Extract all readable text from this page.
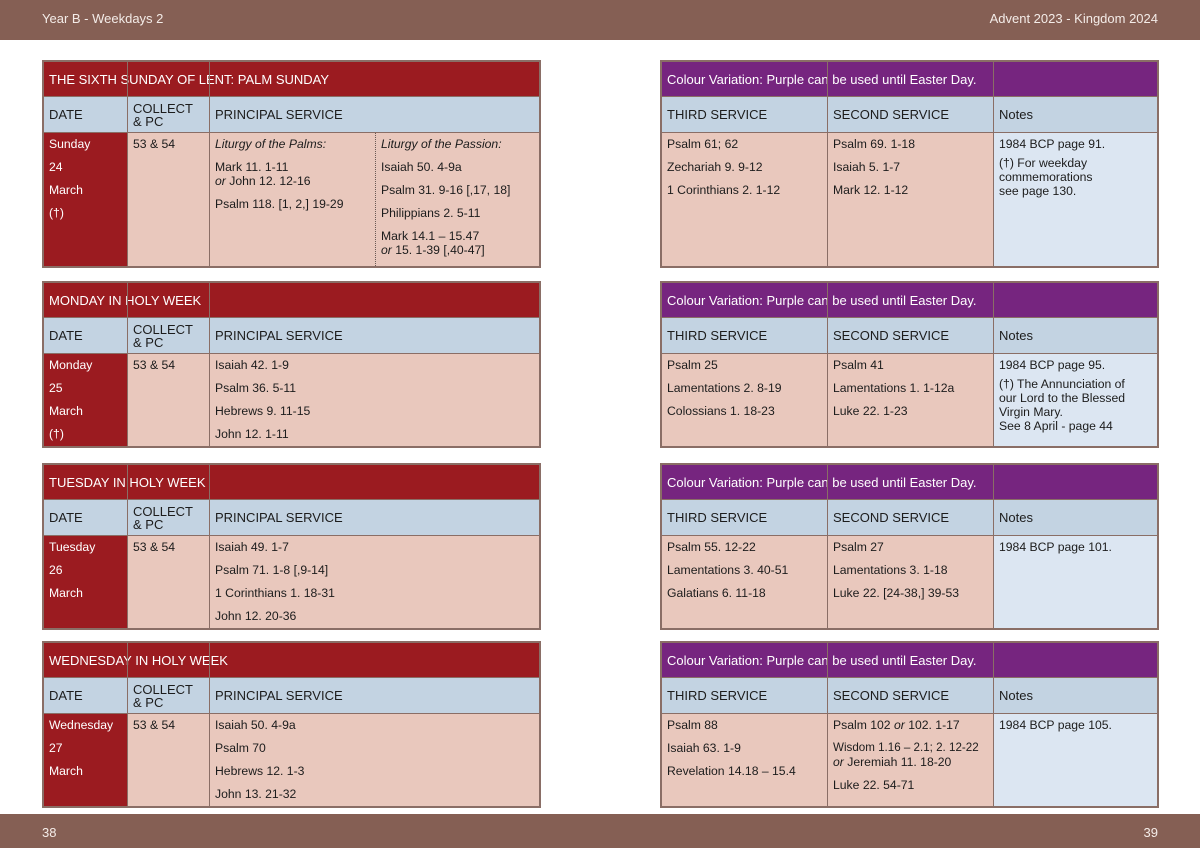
Year B - Weekdays 2	Advent 2023 - Kingdom 2024
38	39
THE SIXTH SUNDAY OF LENT: PALM SUNDAY
DATE
Sunday
24
March
(†)
COLLECT
& PC
53 & 54
PRINCIPAL SERVICE
Liturgy of the Palms:
Mark 11. 1-11
or John 12. 12-16
Psalm 118. [1, 2,] 19-29
Liturgy of the Passion:
Isaiah 50. 4-9a
Psalm 31. 9-16 [,17, 18]
Philippians 2. 5-11
Mark 14.1 – 15.47
or 15. 1-39 [,40-47]
Colour Variation: Purple can be used until Easter Day.
THIRD SERVICE
Psalm 61; 62
Zechariah 9. 9-12
1 Corinthians 2. 1-12
SECOND SERVICE
Psalm 69. 1-18
Isaiah 5. 1-7
Mark 12. 1-12
Notes
1984 BCP page 91.
(†) For weekday
commemorations
see page 130.
MONDAY IN HOLY WEEK
DATE
Monday
25
March
(†)
COLLECT
& PC
53 & 54
PRINCIPAL SERVICE
Isaiah 42. 1-9
Psalm 36. 5-11
Hebrews 9. 11-15
John 12. 1-11
Colour Variation: Purple can be used until Easter Day.
THIRD SERVICE
Psalm 25
Lamentations 2. 8-19
Colossians 1. 18-23
SECOND SERVICE
Psalm 41
Lamentations 1. 1-12a
Luke 22. 1-23
Notes
1984 BCP page 95.
(†) The Annunciation of
our Lord to the Blessed
Virgin Mary.
See 8 April - page 44
TUESDAY IN HOLY WEEK
DATE
Tuesday
26
March
COLLECT
& PC
53 & 54
PRINCIPAL SERVICE
Isaiah 49. 1-7
Psalm 71. 1-8 [,9-14]
1 Corinthians 1. 18-31
John 12. 20-36
Colour Variation: Purple can be used until Easter Day.
THIRD SERVICE
Psalm 55. 12-22
Lamentations 3. 40-51
Galatians 6. 11-18
SECOND SERVICE
Psalm 27
Lamentations 3. 1-18
Luke 22. [24-38,] 39-53
Notes
1984 BCP page 101.
WEDNESDAY IN HOLY WEEK
DATE
Wednesday
27
March
COLLECT
& PC
53 & 54
PRINCIPAL SERVICE
Isaiah 50. 4-9a
Psalm 70
Hebrews 12. 1-3
John 13. 21-32
Colour Variation: Purple can be used until Easter Day.
THIRD SERVICE
Psalm 88
Isaiah 63. 1-9
Revelation 14.18 – 15.4
SECOND SERVICE
Psalm 102 or 102. 1-17
Wisdom 1.16 – 2.1; 2. 12-22
or Jeremiah 11. 18-20
Luke 22. 54-71
Notes
1984 BCP page 105.
